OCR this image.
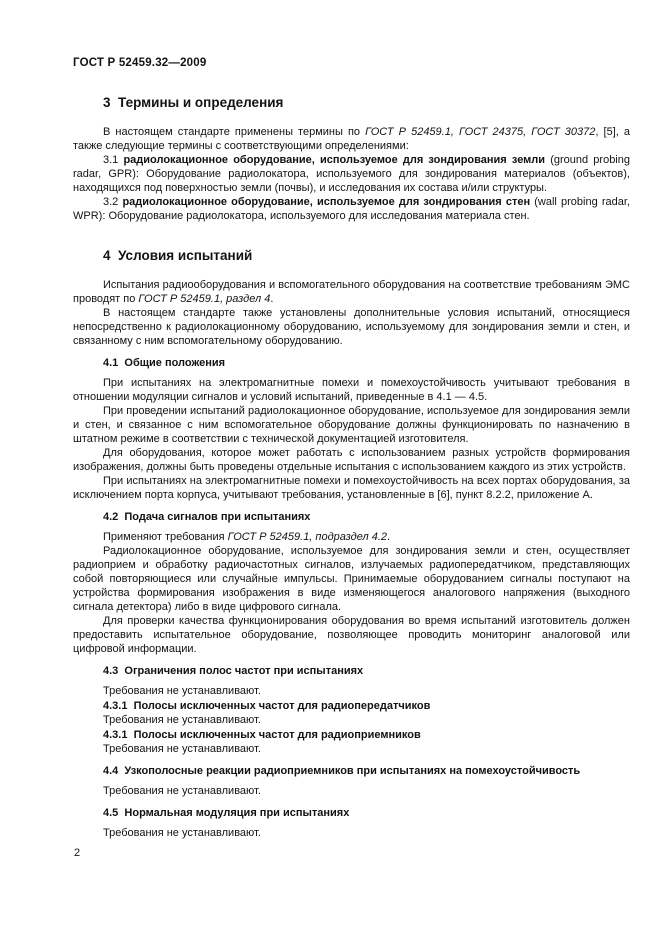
ГОСТ Р 52459.32—2009
3  Термины и определения
В настоящем стандарте применены термины по ГОСТ Р 52459.1, ГОСТ 24375, ГОСТ 30372, [5], а также следующие термины с соответствующими определениями:
3.1 радиолокационное оборудование, используемое для зондирования земли (ground probing radar, GPR): Оборудование радиолокатора, используемого для зондирования материалов (объектов), находящихся под поверхностью земли (почвы), и исследования их состава и/или структуры.
3.2 радиолокационное оборудование, используемое для зондирования стен (wall probing radar, WPR): Оборудование радиолокатора, используемого для исследования материала стен.
4  Условия испытаний
Испытания радиооборудования и вспомогательного оборудования на соответствие требованиям ЭМС проводят по ГОСТ Р 52459.1, раздел 4.
В настоящем стандарте также установлены дополнительные условия испытаний, относящиеся непосредственно к радиолокационному оборудованию, используемому для зондирования земли и стен, и связанному с ним вспомогательному оборудованию.
4.1  Общие положения
При испытаниях на электромагнитные помехи и помехоустойчивость учитывают требования в отношении модуляции сигналов и условий испытаний, приведенные в 4.1 — 4.5.
При проведении испытаний радиолокационное оборудование, используемое для зондирования земли и стен, и связанное с ним вспомогательное оборудование должны функционировать по назначению в штатном режиме в соответствии с технической документацией изготовителя.
Для оборудования, которое может работать с использованием разных устройств формирования изображения, должны быть проведены отдельные испытания с использованием каждого из этих устройств.
При испытаниях на электромагнитные помехи и помехоустойчивость на всех портах оборудования, за исключением порта корпуса, учитывают требования, установленные в [6], пункт 8.2.2, приложение А.
4.2  Подача сигналов при испытаниях
Применяют требования ГОСТ Р 52459.1, подраздел 4.2.
Радиолокационное оборудование, используемое для зондирования земли и стен, осуществляет радиоприем и обработку радиочастотных сигналов, излучаемых радиопередатчиком, представляющих собой повторяющиеся или случайные импульсы. Принимаемые оборудованием сигналы поступают на устройства формирования изображения в виде изменяющегося аналогового напряжения (выходного сигнала детектора) либо в виде цифрового сигнала.
Для проверки качества функционирования оборудования во время испытаний изготовитель должен предоставить испытательное оборудование, позволяющее проводить мониторинг аналоговой или цифровой информации.
4.3  Ограничения полос частот при испытаниях
Требования не устанавливают.
4.3.1  Полосы исключенных частот для радиопередатчиков
Требования не устанавливают.
4.3.1  Полосы исключенных частот для радиоприемников
Требования не устанавливают.
4.4  Узкополосные реакции радиоприемников при испытаниях на помехоустойчивость
Требования не устанавливают.
4.5  Нормальная модуляция при испытаниях
Требования не устанавливают.
2
